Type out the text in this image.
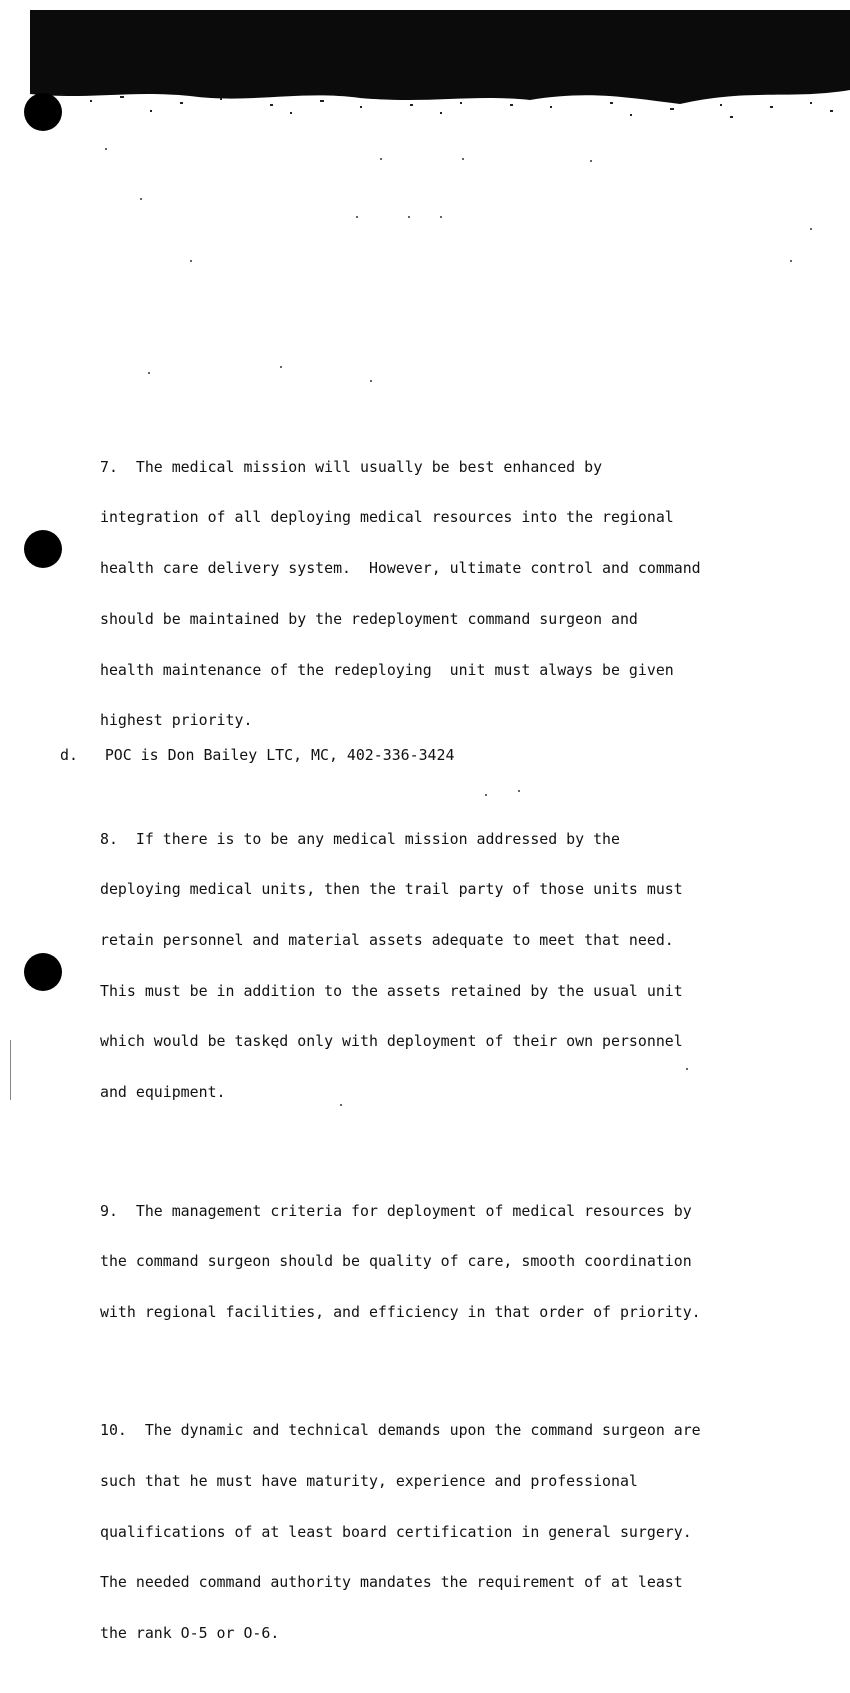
7.  The medical mission will usually be best enhanced by

integration of all deploying medical resources into the regional

health care delivery system.  However, ultimate control and command

should be maintained by the redeployment command surgeon and

health maintenance of the redeploying  unit must always be given

highest priority.

8.  If there is to be any medical mission addressed by the

deploying medical units, then the trail party of those units must

retain personnel and material assets adequate to meet that need.

This must be in addition to the assets retained by the usual unit

which would be tasked only with deployment of their own personnel

and equipment.

9.  The management criteria for deployment of medical resources by

the command surgeon should be quality of care, smooth coordination

with regional facilities, and efficiency in that order of priority.

10.  The dynamic and technical demands upon the command surgeon are

such that he must have maturity, experience and professional

qualifications of at least board certification in general surgery.

The needed command authority mandates the requirement of at least

the rank O-5 or O-6.

d.   POC is Don Bailey LTC, MC, 402-336-3424
